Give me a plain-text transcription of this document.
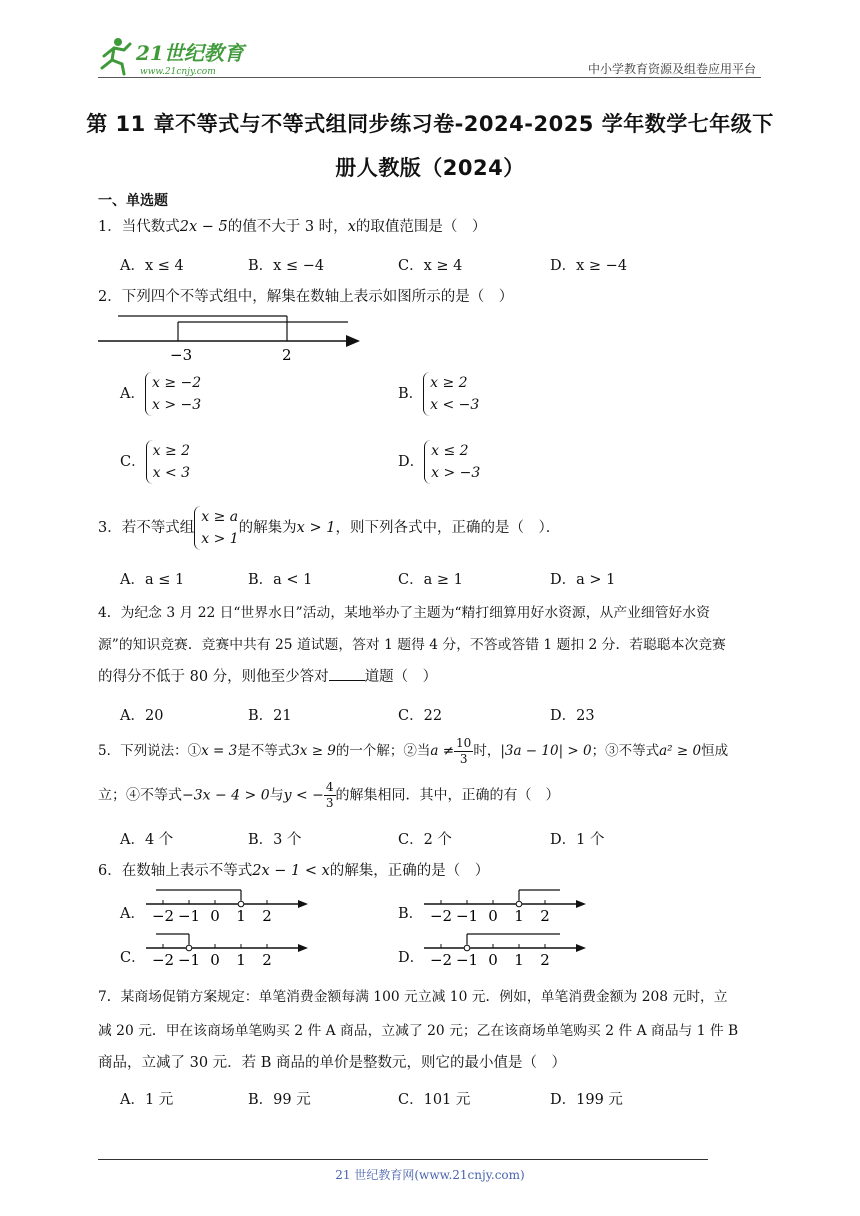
21世纪教育
www.21cnjy.com	中小学教育资源及组卷应用平台
第 11 章不等式与不等式组同步练习卷-2024-2025 学年数学七年级下
册人教版（2024）
一、单选题
1．当代数式2x − 5的值不大于 3 时，x的取值范围是（　）
A．x ≤ 4	B．x ≤ −4	C．x ≥ 4	D．x ≥ −4
2．下列四个不等式组中，解集在数轴上表示如图所示的是（　）
−3	2
A．x ≥ −2
x > −3
B．x ≥ 2
x < −3
C．x ≥ 2
x < 3
D．x ≤ 2
x > −3
3．若不等式组x ≥ a
x > 1的解集为x > 1，则下列各式中，正确的是（　）．
A．a ≤ 1	B．a < 1	C．a ≥ 1	D．a > 1
4．为纪念 3 月 22 日“世界水日”活动，某地举办了主题为“精打细算用好水资源，从产业细管好水资
源”的知识竞赛．竞赛中共有 25 道试题，答对 1 题得 4 分，不答或答错 1 题扣 2 分．若聪聪本次竞赛
的得分不低于 80 分，则他至少答对 道题（　）
A．20	B．21	C．22	D．23
5．下列说法：①x = 3是不等式3x ≥ 9的一个解；②当$a \ne \frac{10}{3}$ 时，|3a − 10| > 0；③不等式a² ≥ 0恒成
立；④不等式−3x − 4 > 0与y < − $\frac{4}{3}$ 的解集相同．其中，正确的有（　）
A．4 个	B．3 个	C．2 个	D．1 个
6．在数轴上表示不等式2x − 1 < x的解集，正确的是（　）
A． −2 −1 0 1 2	B． −2 −1 0 1 2
C． −2 −1 0 1 2	D． −2 −1 0 1 2
7．某商场促销方案规定：单笔消费金额每满 100 元立减 10 元．例如，单笔消费金额为 208 元时，立
减 20 元．甲在该商场单笔购买 2 件 A 商品，立减了 20 元；乙在该商场单笔购买 2 件 A 商品与 1 件 B
商品，立减了 30 元．若 B 商品的单价是整数元，则它的最小值是（　）
A．1 元	B．99 元	C．101 元	D．199 元
21 世纪教育网(www.21cnjy.com)
